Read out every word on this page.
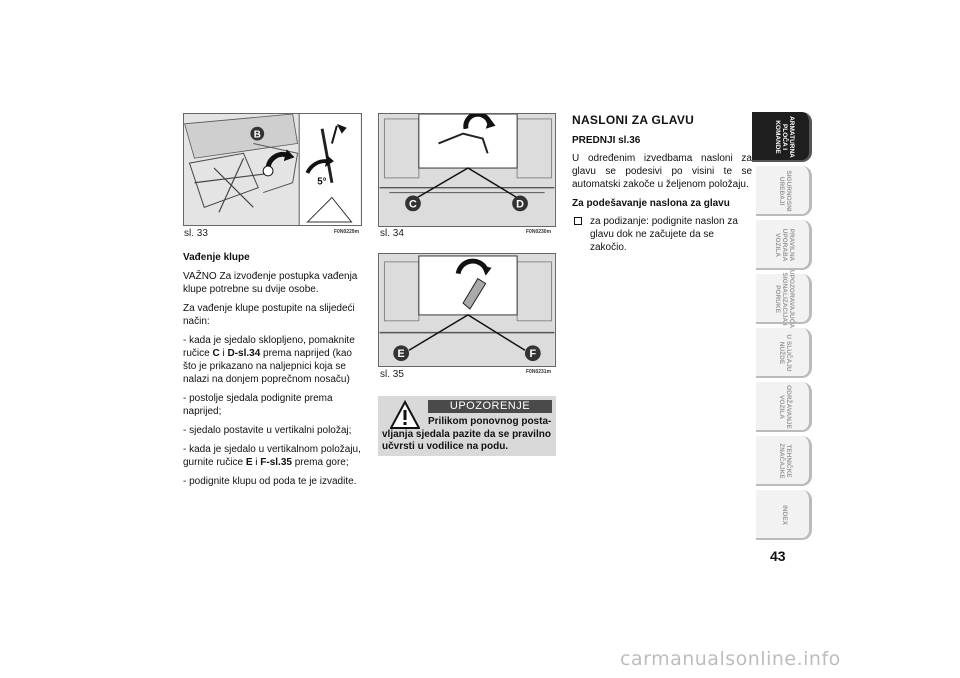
B
5°
sl. 33	F0N0229m
C	D
sl. 34	F0N0230m
E	F
sl. 35	F0N0231m
Vađenje klupe

VAŽNO Za izvođenje postupka vađenja klupe potrebne su dvije osobe.

Za vađenje klupe postupite na slijedeći način:

- kada je sjedalo sklopljeno, pomaknite ručice C i D-sl.34 prema naprijed (kao što je prikazano na naljepnici koja se nalazi na donjem poprečnom nosaču)

- postolje sjedala podignite prema naprijed;

- sjedalo postavite u vertikalni položaj;

- kada je sjedalo u vertikalnom položaju, gurnite ručice E i F-sl.35 prema gore;

- podignite klupu od poda te je izvadite.

UPOZORENJE
Prilikom ponovnog posta-vljanja sjedala pazite da se pravilno učvrsti u vodilice na podu.
NASLONI ZA GLAVU
PREDNJI sl.36

U određenim izvedbama nasloni za glavu se podesivi po visini te se automatski zakoče u željenom položaju.

Za podešavanje naslona za glavu
za podizanje: podignite naslon za glavu dok ne začujete da se zakočio.
ARMATURNA
PLOČA I
KOMANDE
SIGURNOSNI
UREĐAJI
PRAVILNA
UPORABA
VOZILA
UPOZORAVAJUĆA
SIGNALIZACIJA I
PORUKE
U SLUČAJU
NUŽDE
ODRŽAVANJE
VOZILA
TEHNIČKE
ZNAČAJKE
INDEX
43
carmanualsonline.info
